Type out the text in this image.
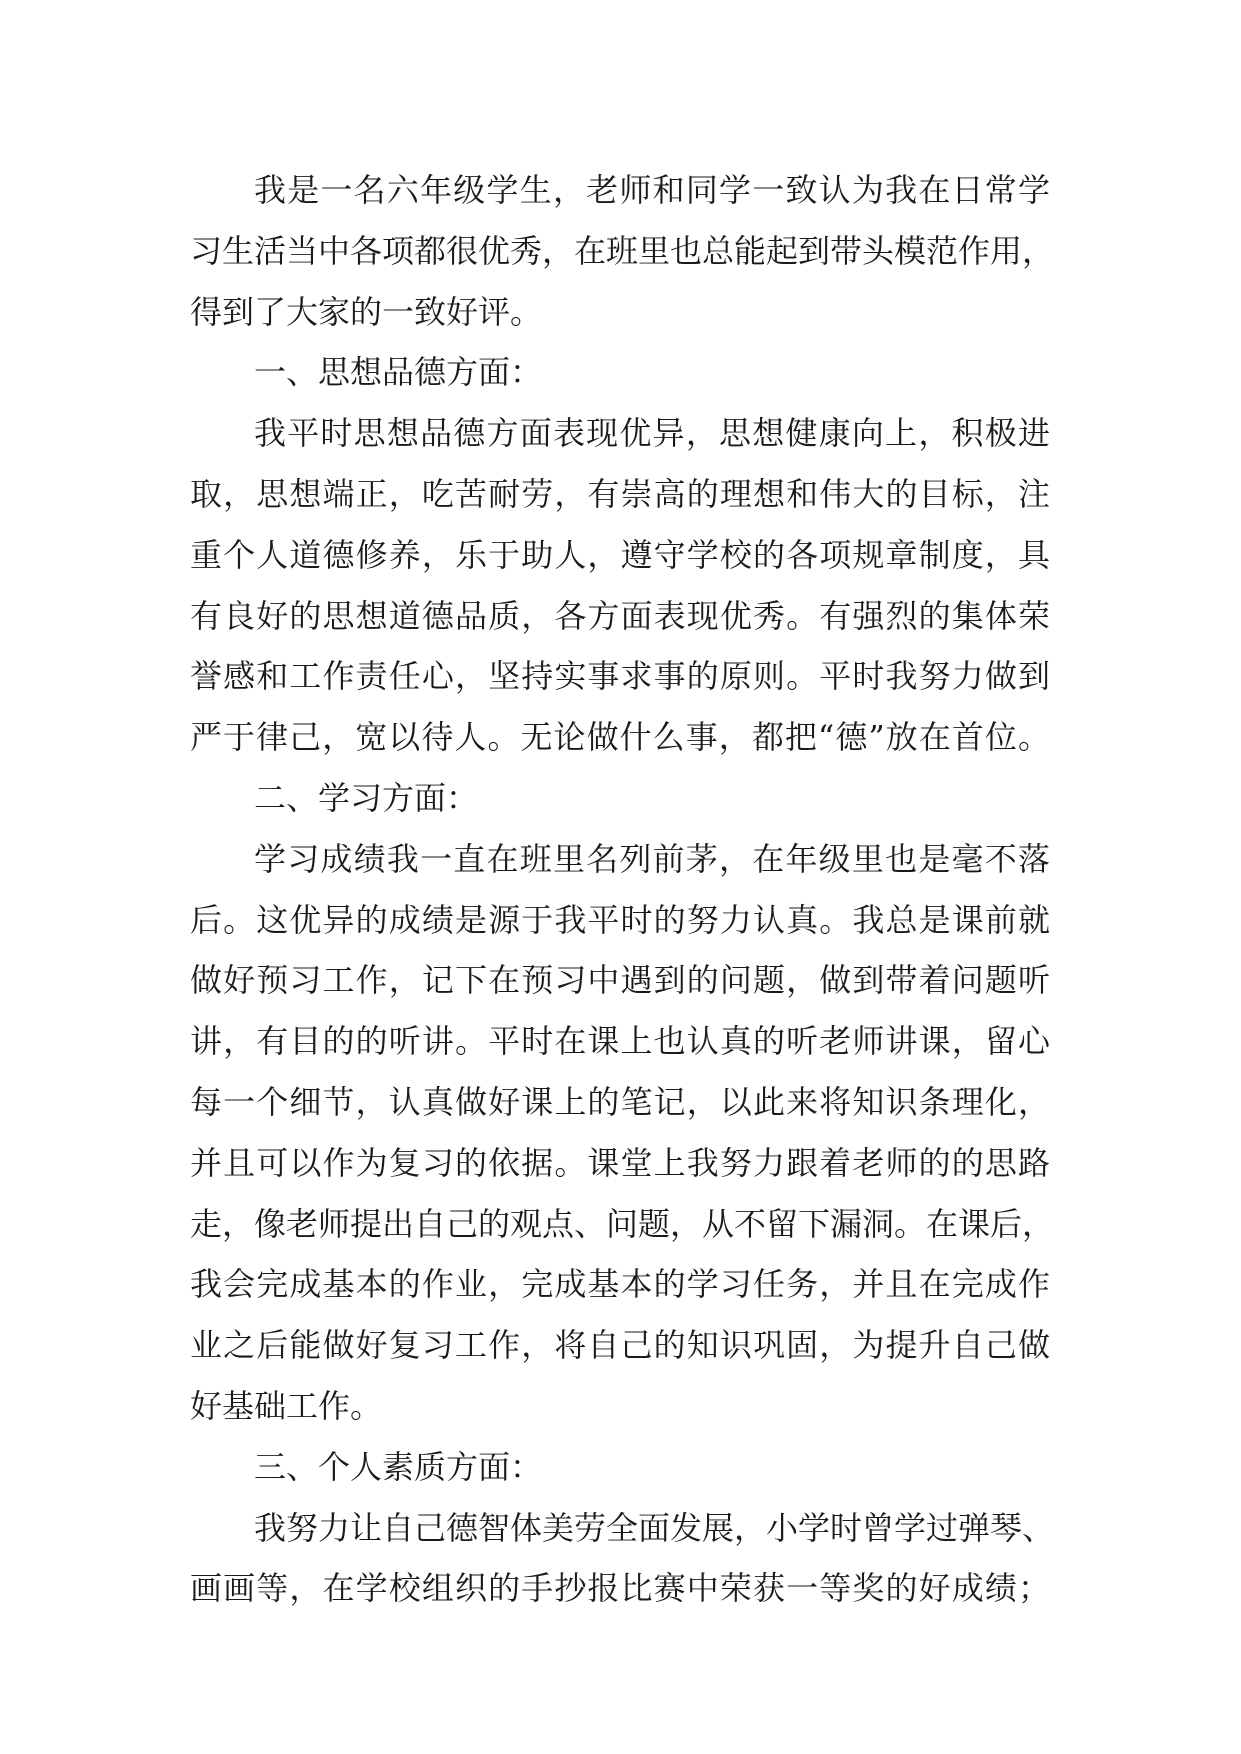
我是一名六年级学生，老师和同学一致认为我在日常学
习生活当中各项都很优秀，在班里也总能起到带头模范作用，
得到了大家的一致好评。
一、思想品德方面：
我平时思想品德方面表现优异，思想健康向上，积极进
取，思想端正，吃苦耐劳，有崇高的理想和伟大的目标，注
重个人道德修养，乐于助人，遵守学校的各项规章制度，具
有良好的思想道德品质，各方面表现优秀。有强烈的集体荣
誉感和工作责任心，坚持实事求事的原则。平时我努力做到
严于律己，宽以待人。无论做什么事，都把“德”放在首位。
二、学习方面：
学习成绩我一直在班里名列前茅，在年级里也是毫不落
后。这优异的成绩是源于我平时的努力认真。我总是课前就
做好预习工作，记下在预习中遇到的问题，做到带着问题听
讲，有目的的听讲。平时在课上也认真的听老师讲课，留心
每一个细节，认真做好课上的笔记，以此来将知识条理化，
并且可以作为复习的依据。课堂上我努力跟着老师的的思路
走，像老师提出自己的观点、问题，从不留下漏洞。在课后，
我会完成基本的作业，完成基本的学习任务，并且在完成作
业之后能做好复习工作，将自己的知识巩固，为提升自己做
好基础工作。
三、个人素质方面：
我努力让自己德智体美劳全面发展，小学时曾学过弹琴、
画画等，在学校组织的手抄报比赛中荣获一等奖的好成绩；
